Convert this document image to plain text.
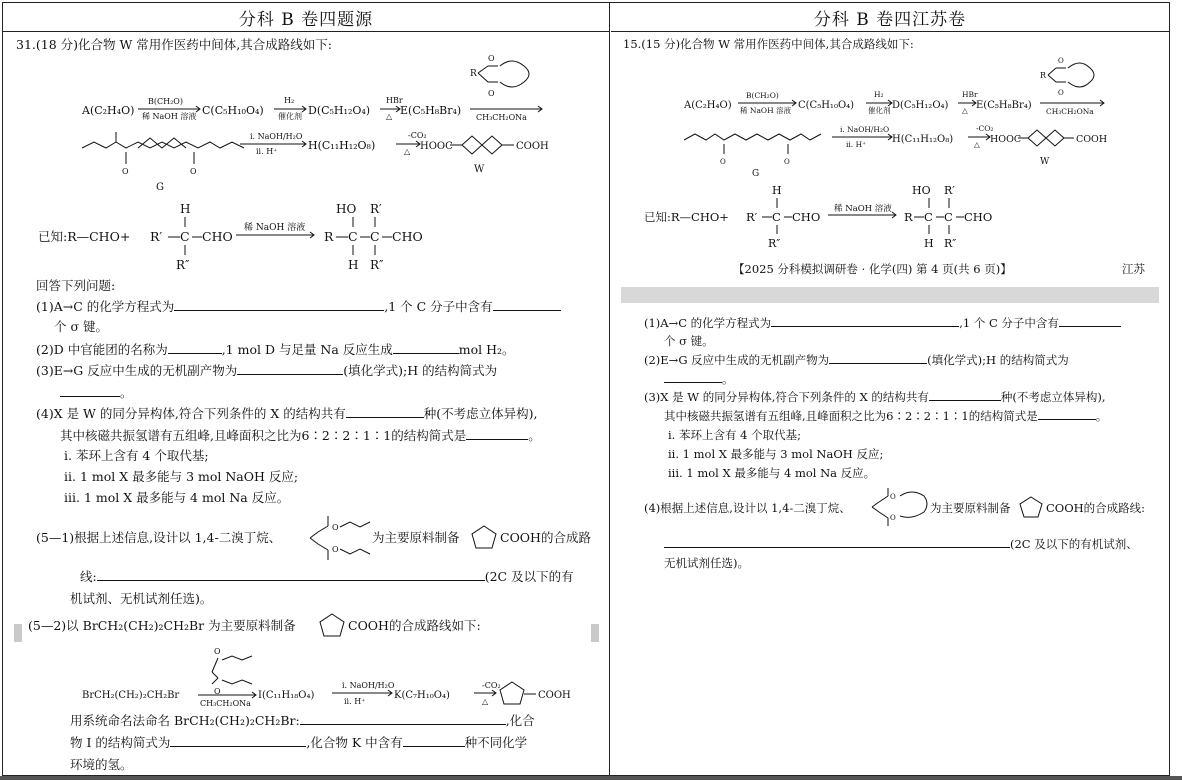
分科 B 卷四题源	分科 B 卷四江苏卷
31.(18 分)化合物 W 常用作医药中间体,其合成路线如下:
A(C₂H₄O)
B(CH₂O)
稀 NaOH 溶液 C(C₅H₁₀O₄)
H₂
催化剂 D(C₅H₁₂O₄)
HBr
△ E(C₅H₈Br₄)
R
O
O
CH₃CH₂ONa
O	O
G
i. NaOH/H₂O
ii. H⁺	H(C₁₁H₁₂O₈)
-CO₂
△ HOOC	COOH
W
已知:R—CHO+ R′ C
H
R″
CHO
稀 NaOH 溶液
R C
HO
H
C
R′
R″
CHO
回答下列问题:
(1)A→C 的化学方程式为	,1 个 C 分子中含有
个 σ 键。
(2)D 中官能团的名称为	,1 mol D 与足量 Na 反应生成	mol H₂。
(3)E→G 反应中生成的无机副产物为	(填化学式);H 的结构简式为
。
(4)X 是 W 的同分异构体,符合下列条件的 X 的结构共有	种(不考虑立体异构),
其中核磁共振氢谱有五组峰,且峰面积之比为6∶2∶2∶1∶1的结构简式是	。
i. 苯环上含有 4 个取代基;
ii. 1 mol X 最多能与 3 mol NaOH 反应;
iii. 1 mol X 最多能与 4 mol Na 反应。
(5—1)根据上述信息,设计以 1,4-二溴丁烷、
O
O
为主要原料制备	COOH的合成路
线:	(2C 及以下的有
机试剂、无机试剂任选)。
(5—2)以 BrCH₂(CH₂)₂CH₂Br 为主要原料制备	COOH的合成路线如下:
BrCH₂(CH₂)₂CH₂Br
O
O
CH₃CH₂ONa
I(C₁₁H₁₈O₄)
i. NaOH/H₂O
ii. H⁺
K(C₇H₁₀O₄)
-CO₂
△
COOH
用系统命名法命名 BrCH₂(CH₂)₂CH₂Br:	,化合
物 I 的结构简式为	,化合物 K 中含有	种不同化学
环境的氢。
15.(15 分)化合物 W 常用作医药中间体,其合成路线如下:
A(C₂H₄O)
B(CH₂O)
稀 NaOH 溶液 C(C₅H₁₀O₄)
H₂
催化剂 D(C₅H₁₂O₄)
HBr
△ E(C₅H₈Br₄)
R
O
O
CH₃CH₂ONa
O	O
G
i. NaOH/H₂O
ii. H⁺	H(C₁₁H₁₂O₈)
-CO₂
△ HOOC	COOH
W
已知:R—CHO+ R′ C
H
R″
CHO
稀 NaOH 溶液
R C
HO
H
C
R′
R″
CHO
【2025 分科模拟调研卷 · 化学(四) 第 4 页(共 6 页)】	江苏
(1)A→C 的化学方程式为	,1 个 C 分子中含有
个 σ 键。
(2)E→G 反应中生成的无机副产物为	(填化学式);H 的结构简式为
。
(3)X 是 W 的同分异构体,符合下列条件的 X 的结构共有	种(不考虑立体异构),
其中核磁共振氢谱有五组峰,且峰面积之比为6∶2∶2∶1∶1的结构简式是	。
i. 苯环上含有 4 个取代基;
ii. 1 mol X 最多能与 3 mol NaOH 反应;
iii. 1 mol X 最多能与 4 mol Na 反应。
(4)根据上述信息,设计以 1,4-二溴丁烷、
O
O
为主要原料制备	COOH的合成路线:
(2C 及以下的有机试剂、
无机试剂任选)。
